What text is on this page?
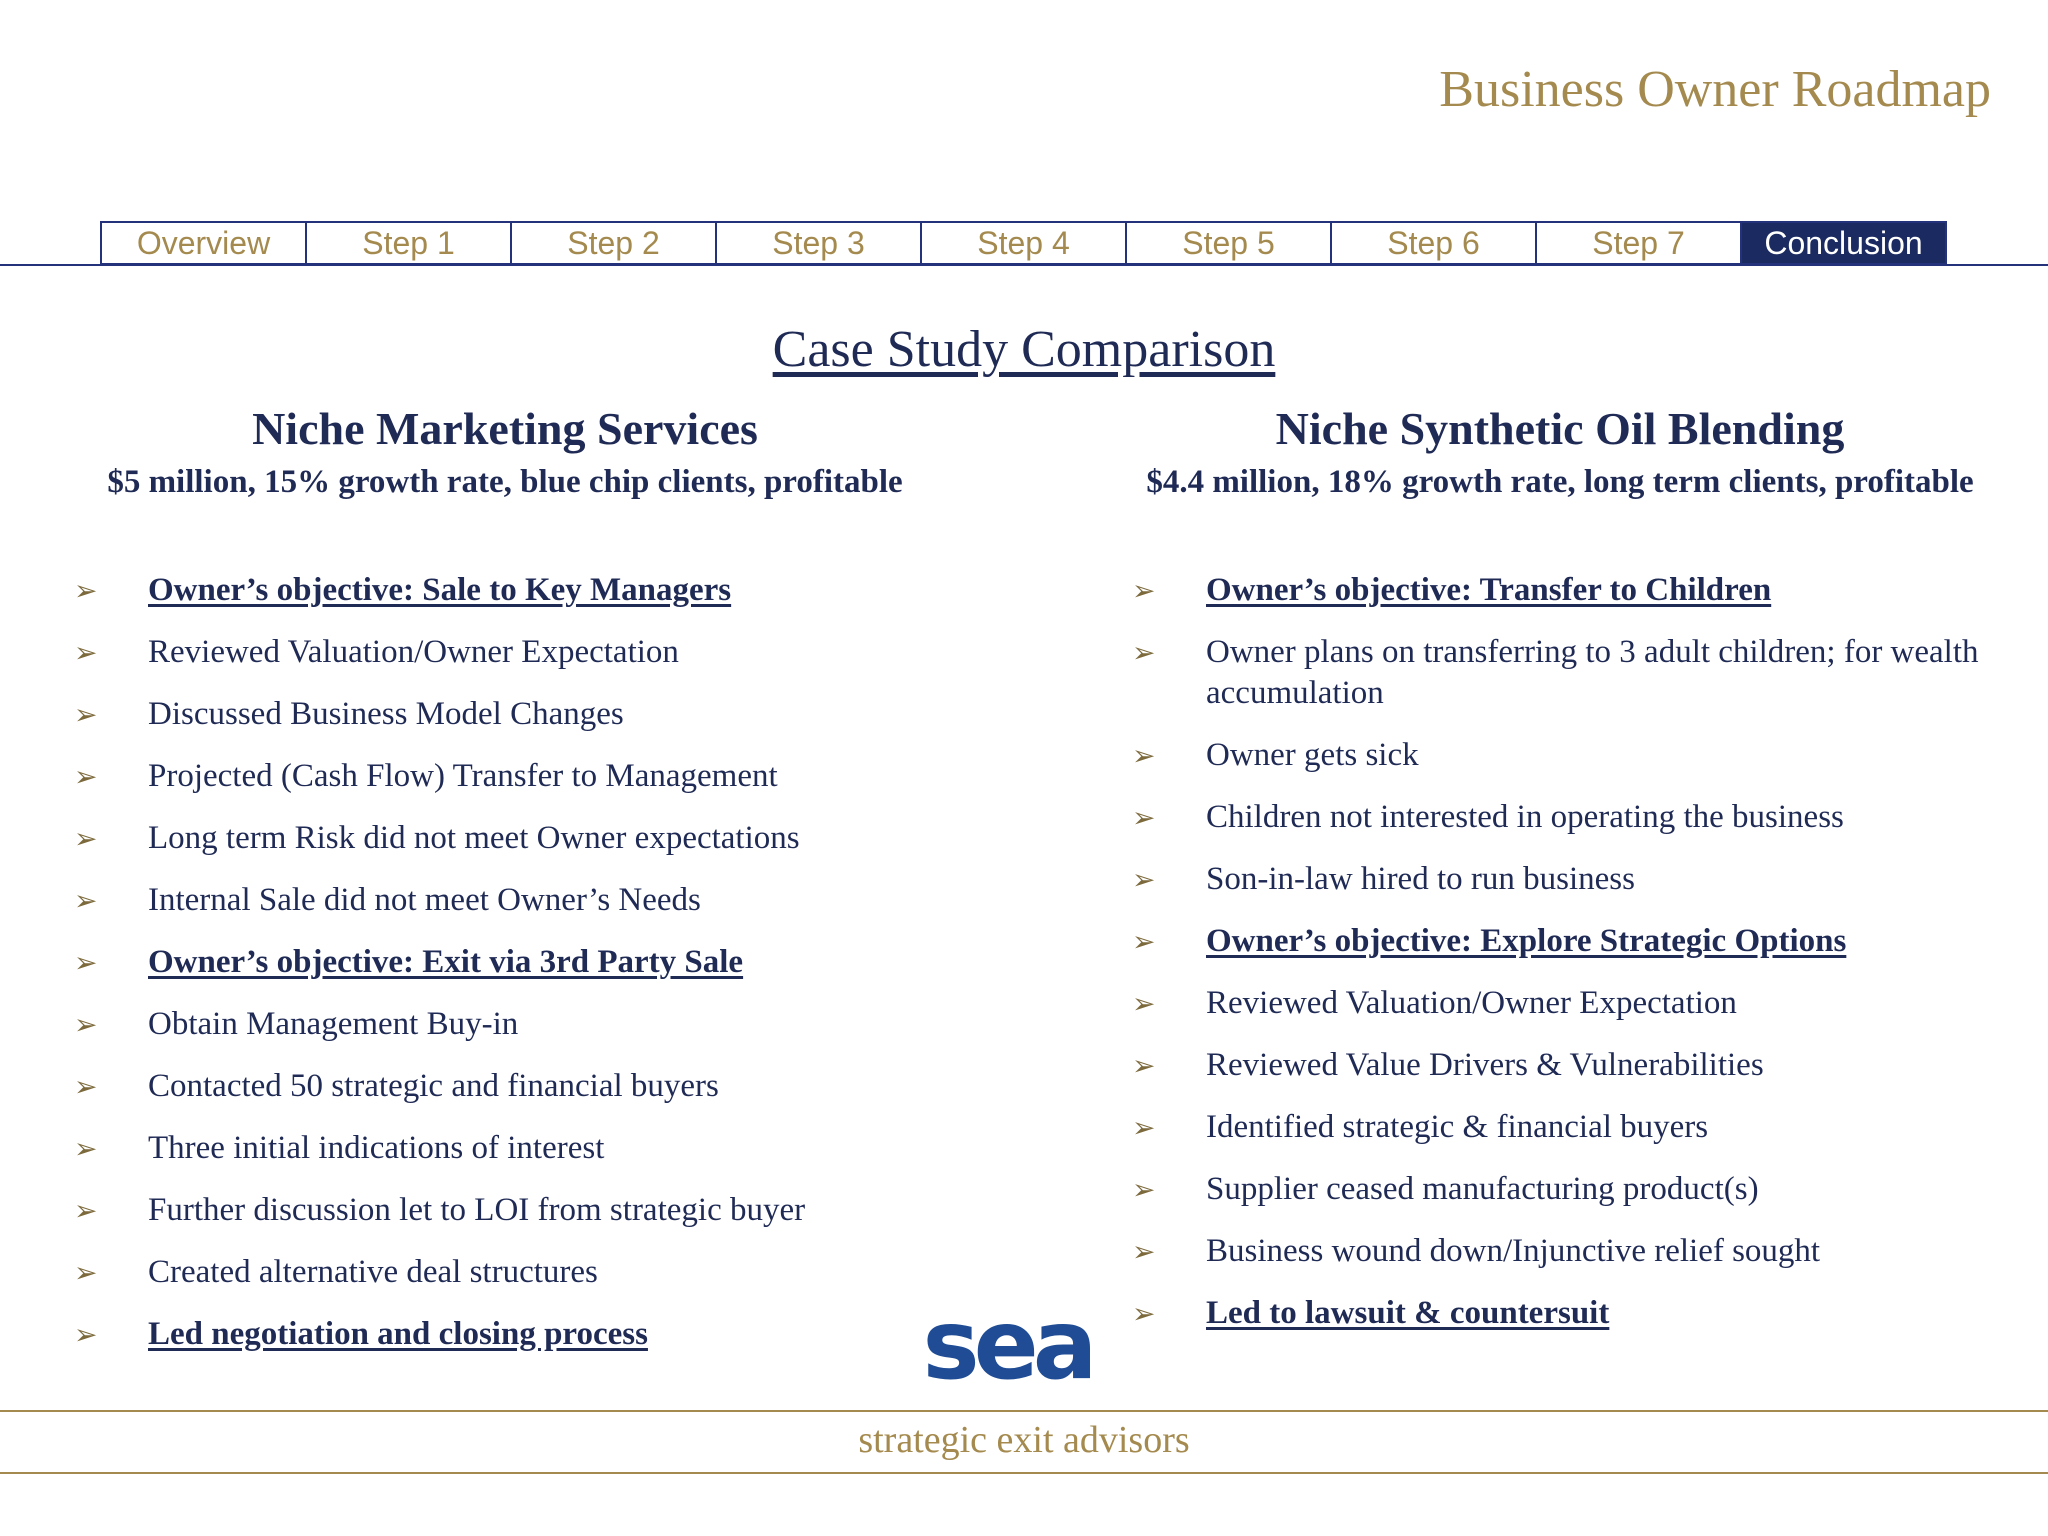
Business Owner Roadmap
Overview	Step 1	Step 2	Step 3	Step 4	Step 5	Step 6	Step 7	Conclusion
Case Study Comparison
Niche Marketing Services
$5 million, 15% growth rate, blue chip clients, profitable
➢ Owner’s objective: Sale to Key Managers
➢ Reviewed Valuation/Owner Expectation
➢ Discussed Business Model Changes
➢ Projected (Cash Flow) Transfer to Management
➢ Long term Risk did not meet Owner expectations
➢ Internal Sale did not meet Owner’s Needs
➢ Owner’s objective: Exit via 3rd Party Sale
➢ Obtain Management Buy-in
➢ Contacted 50 strategic and financial buyers
➢ Three initial indications of interest
➢ Further discussion let to LOI from strategic buyer
➢ Created alternative deal structures
➢ Led negotiation and closing process
Niche Synthetic Oil Blending
$4.4 million, 18% growth rate, long term clients, profitable
➢ Owner’s objective: Transfer to Children
➢ Owner plans on transferring to 3 adult children; for wealth accumulation
➢ Owner gets sick
➢ Children not interested in operating the business
➢ Son-in-law hired to run business
➢ Owner’s objective: Explore Strategic Options
➢ Reviewed Valuation/Owner Expectation
➢ Reviewed Value Drivers & Vulnerabilities
➢ Identified strategic & financial buyers
➢ Supplier ceased manufacturing product(s)
➢ Business wound down/Injunctive relief sought
➢ Led to lawsuit & countersuit
sea
strategic exit advisors
